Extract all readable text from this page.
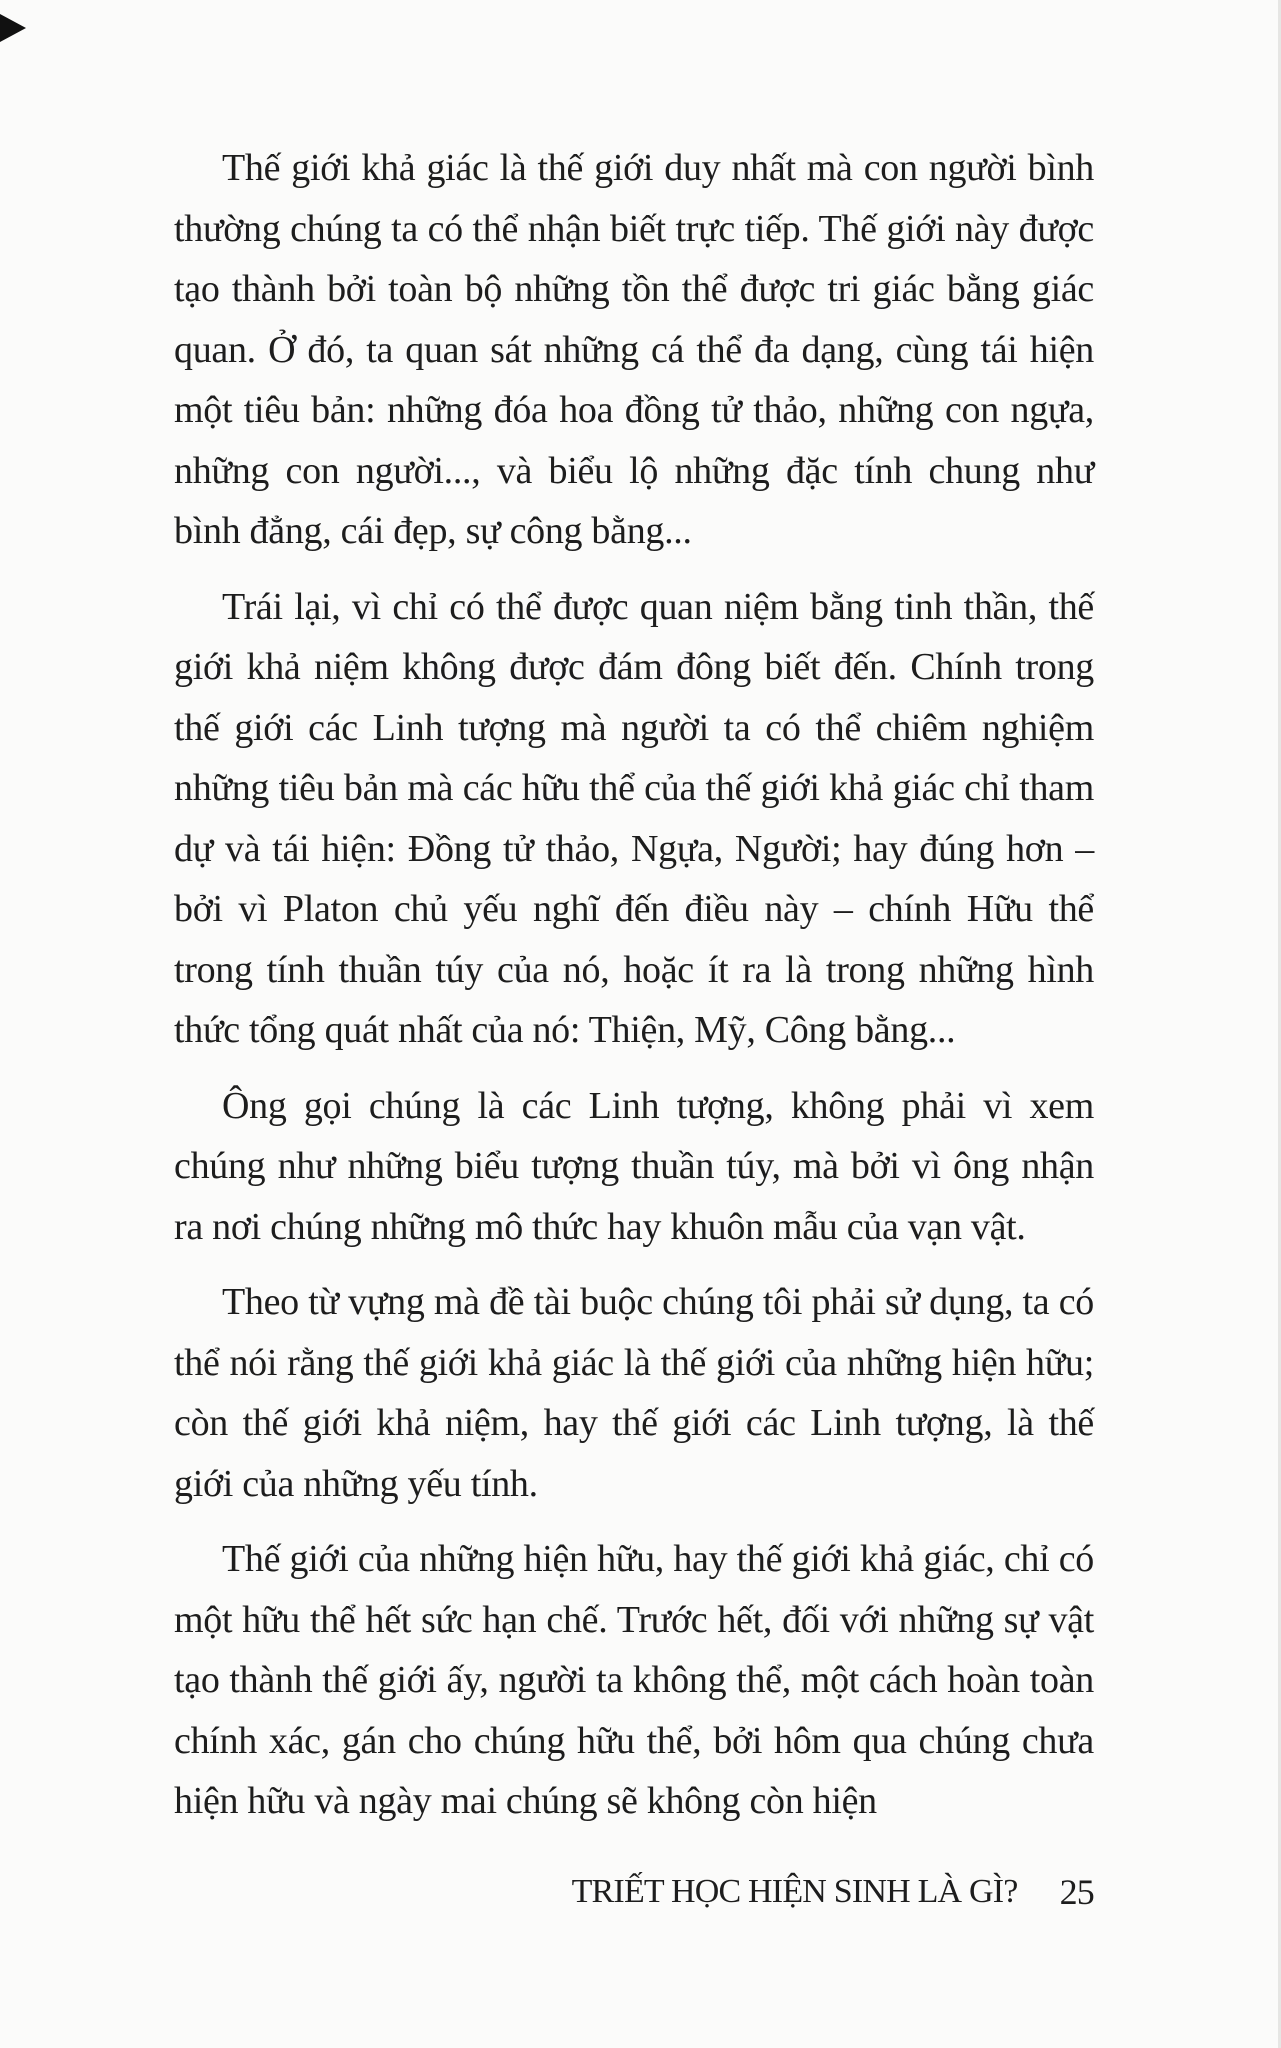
Thế giới khả giác là thế giới duy nhất mà con người bình thường chúng ta có thể nhận biết trực tiếp. Thế giới này được tạo thành bởi toàn bộ những tồn thể được tri giác bằng giác quan. Ở đó, ta quan sát những cá thể đa dạng, cùng tái hiện một tiêu bản: những đóa hoa đồng tử thảo, những con ngựa, những con người..., và biểu lộ những đặc tính chung như bình đẳng, cái đẹp, sự công bằng...

Trái lại, vì chỉ có thể được quan niệm bằng tinh thần, thế giới khả niệm không được đám đông biết đến. Chính trong thế giới các Linh tượng mà người ta có thể chiêm nghiệm những tiêu bản mà các hữu thể của thế giới khả giác chỉ tham dự và tái hiện: Đồng tử thảo, Ngựa, Người; hay đúng hơn – bởi vì Platon chủ yếu nghĩ đến điều này – chính Hữu thể trong tính thuần túy của nó, hoặc ít ra là trong những hình thức tổng quát nhất của nó: Thiện, Mỹ, Công bằng...

Ông gọi chúng là các Linh tượng, không phải vì xem chúng như những biểu tượng thuần túy, mà bởi vì ông nhận ra nơi chúng những mô thức hay khuôn mẫu của vạn vật.

Theo từ vựng mà đề tài buộc chúng tôi phải sử dụng, ta có thể nói rằng thế giới khả giác là thế giới của những hiện hữu; còn thế giới khả niệm, hay thế giới các Linh tượng, là thế giới của những yếu tính.

Thế giới của những hiện hữu, hay thế giới khả giác, chỉ có một hữu thể hết sức hạn chế. Trước hết, đối với những sự vật tạo thành thế giới ấy, người ta không thể, một cách hoàn toàn chính xác, gán cho chúng hữu thể, bởi hôm qua chúng chưa hiện hữu và ngày mai chúng sẽ không còn hiện

TRIẾT HỌC HIỆN SINH LÀ GÌ? 25
